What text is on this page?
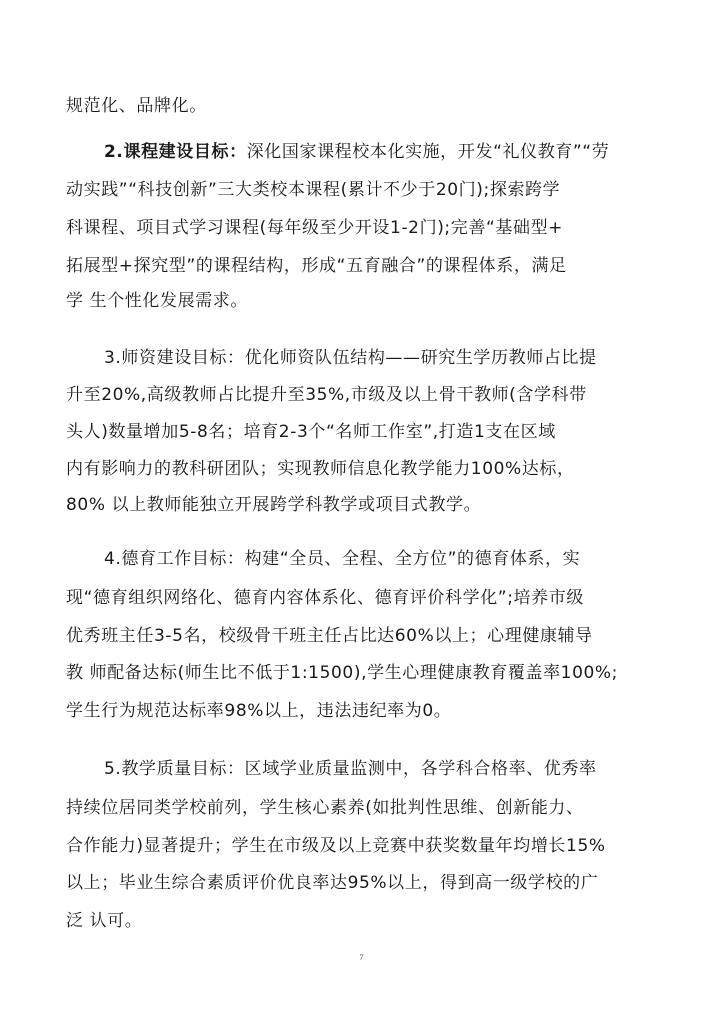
规范化、品牌化。
2.课程建设目标：深化国家课程校本化实施，开发“礼仪教育”“劳
动实践”“科技创新”三大类校本课程(累计不少于20门);探索跨学
科课程、项目式学习课程(每年级至少开设1-2门);完善“基础型+
拓展型+探究型”的课程结构，形成“五育融合”的课程体系，满足
学 生个性化发展需求。
3.师资建设目标：优化师资队伍结构——研究生学历教师占比提
升至20%,高级教师占比提升至35%,市级及以上骨干教师(含学科带
头人)数量增加5-8名；培育2-3个“名师工作室”,打造1支在区域
内有影响力的教科研团队；实现教师信息化教学能力100%达标，
80% 以上教师能独立开展跨学科教学或项目式教学。
4.德育工作目标：构建“全员、全程、全方位”的德育体系，实
现“德育组织网络化、德育内容体系化、德育评价科学化”;培养市级
优秀班主任3-5名，校级骨干班主任占比达60%以上；心理健康辅导
教 师配备达标(师生比不低于1:1500),学生心理健康教育覆盖率100%;
学生行为规范达标率98%以上，违法违纪率为0。
5.教学质量目标：区域学业质量监测中，各学科合格率、优秀率
持续位居同类学校前列，学生核心素养(如批判性思维、创新能力、
合作能力)显著提升；学生在市级及以上竞赛中获奖数量年均增长15%
以上；毕业生综合素质评价优良率达95%以上，得到高一级学校的广
泛 认可。
7
